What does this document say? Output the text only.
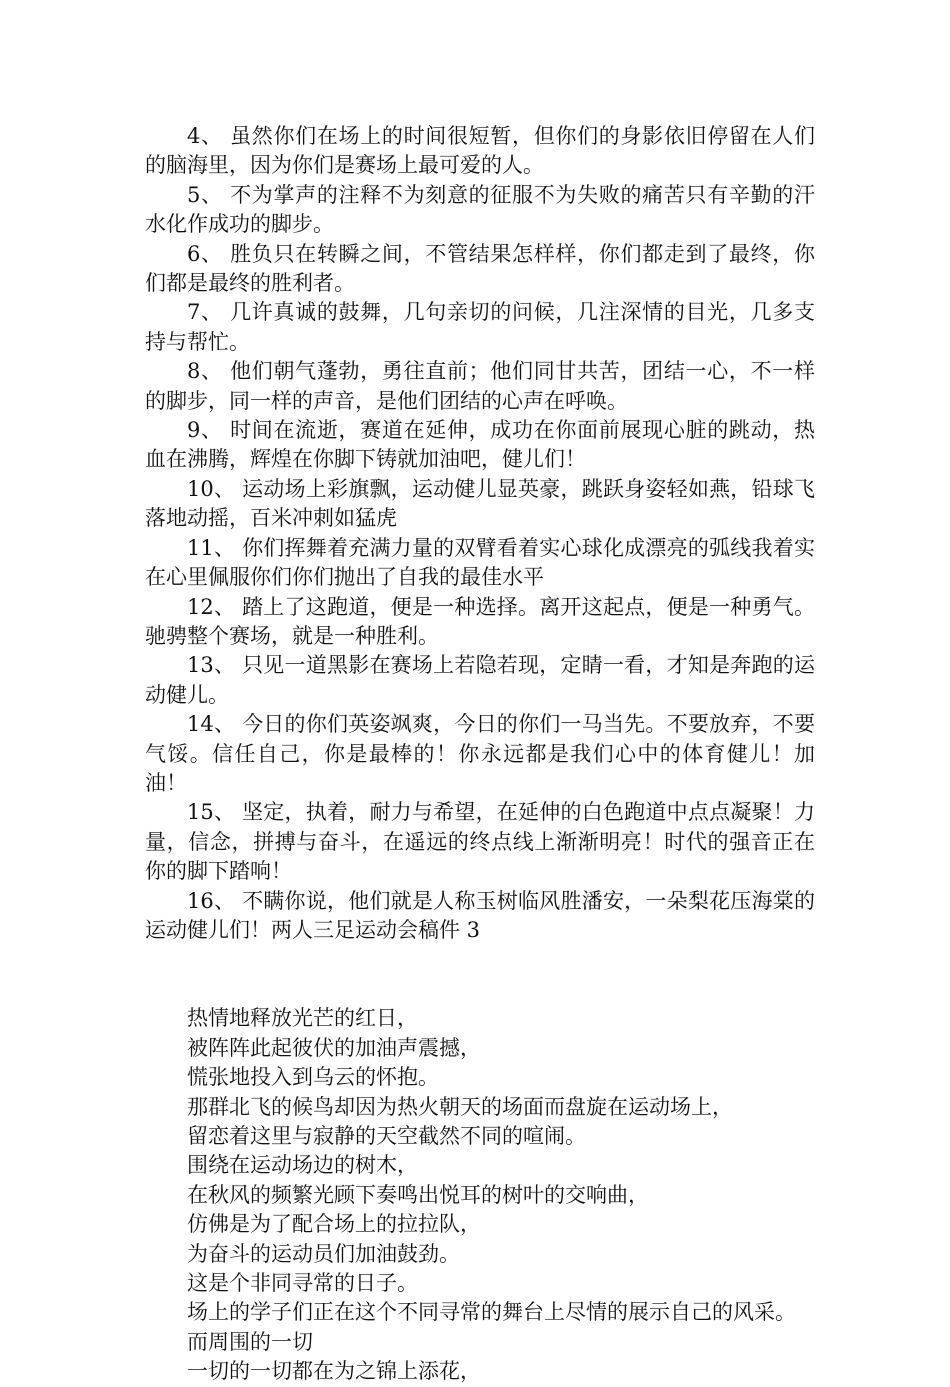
4、 虽然你们在场上的时间很短暂，但你们的身影依旧停留在人们的脑海里，因为你们是赛场上最可爱的人。

5、 不为掌声的注释不为刻意的征服不为失败的痛苦只有辛勤的汗水化作成功的脚步。

6、 胜负只在转瞬之间，不管结果怎样样，你们都走到了最终，你们都是最终的胜利者。

7、 几许真诚的鼓舞，几句亲切的问候，几注深情的目光，几多支持与帮忙。

8、 他们朝气蓬勃，勇往直前；他们同甘共苦，团结一心，不一样的脚步，同一样的声音，是他们团结的心声在呼唤。

9、 时间在流逝，赛道在延伸，成功在你面前展现心脏的跳动，热血在沸腾，辉煌在你脚下铸就加油吧，健儿们！

10、 运动场上彩旗飘，运动健儿显英豪，跳跃身姿轻如燕，铅球飞落地动摇，百米冲刺如猛虎

11、 你们挥舞着充满力量的双臂看着实心球化成漂亮的弧线我着实在心里佩服你们你们抛出了自我的最佳水平

12、 踏上了这跑道，便是一种选择。离开这起点，便是一种勇气。驰骋整个赛场，就是一种胜利。

13、 只见一道黑影在赛场上若隐若现，定睛一看，才知是奔跑的运动健儿。

14、 今日的你们英姿飒爽，今日的你们一马当先。不要放弃，不要气馁。信任自己，你是最棒的！你永远都是我们心中的体育健儿！加油！

15、 坚定，执着，耐力与希望，在延伸的白色跑道中点点凝聚！力量，信念，拼搏与奋斗，在遥远的终点线上渐渐明亮！时代的强音正在你的脚下踏响！

16、 不瞒你说，他们就是人称玉树临风胜潘安，一朵梨花压海棠的运动健儿们！两人三足运动会稿件 3

热情地释放光芒的红日，

被阵阵此起彼伏的加油声震撼，

慌张地投入到乌云的怀抱。

那群北飞的候鸟却因为热火朝天的场面而盘旋在运动场上，

留恋着这里与寂静的天空截然不同的喧闹。

围绕在运动场边的树木，

在秋风的频繁光顾下奏鸣出悦耳的树叶的交响曲，

仿佛是为了配合场上的拉拉队，

为奋斗的运动员们加油鼓劲。

这是个非同寻常的日子。

场上的学子们正在这个不同寻常的舞台上尽情的展示自己的风采。

而周围的一切

一切的一切都在为之锦上添花，
